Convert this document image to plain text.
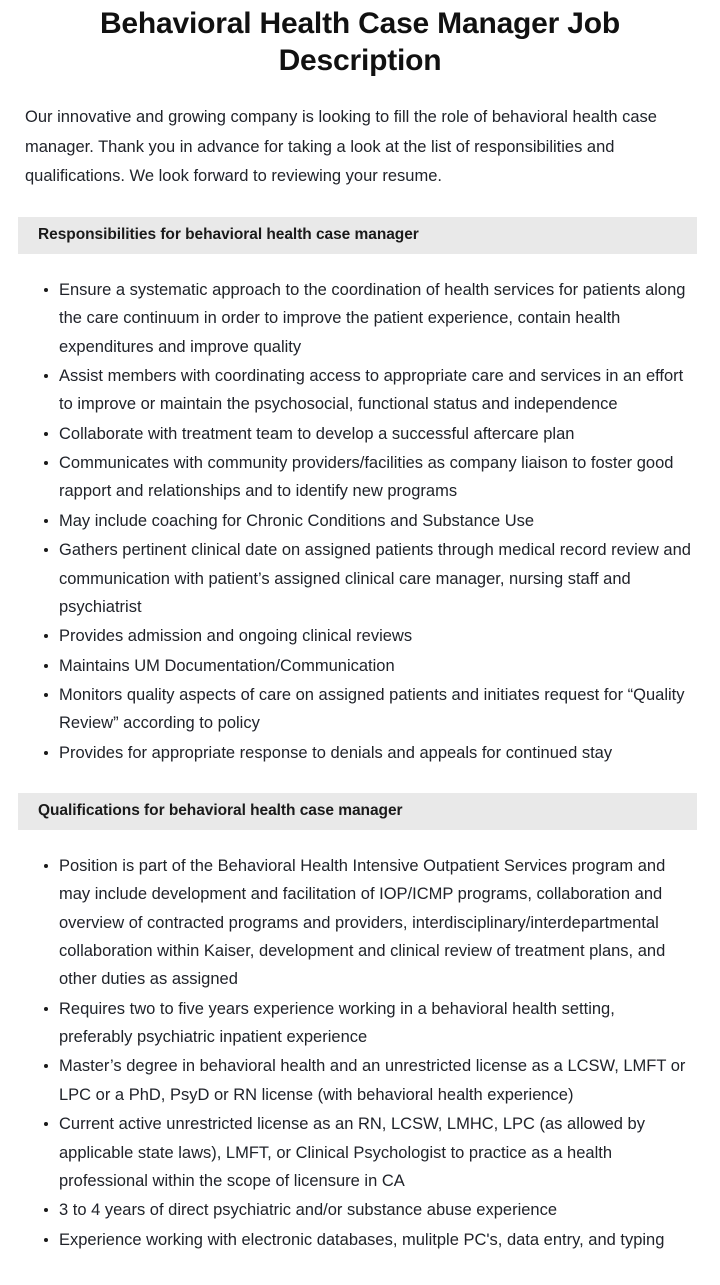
Behavioral Health Case Manager Job Description

Our innovative and growing company is looking to fill the role of behavioral health case manager. Thank you in advance for taking a look at the list of responsibilities and qualifications. We look forward to reviewing your resume.

Responsibilities for behavioral health case manager
Ensure a systematic approach to the coordination of health services for patients along the care continuum in order to improve the patient experience, contain health expenditures and improve quality
Assist members with coordinating access to appropriate care and services in an effort to improve or maintain the psychosocial, functional status and independence
Collaborate with treatment team to develop a successful aftercare plan
Communicates with community providers/facilities as company liaison to foster good rapport and relationships and to identify new programs
May include coaching for Chronic Conditions and Substance Use
Gathers pertinent clinical date on assigned patients through medical record review and communication with patient’s assigned clinical care manager, nursing staff and psychiatrist
Provides admission and ongoing clinical reviews
Maintains UM Documentation/Communication
Monitors quality aspects of care on assigned patients and initiates request for “Quality Review” according to policy
Provides for appropriate response to denials and appeals for continued stay
Qualifications for behavioral health case manager
Position is part of the Behavioral Health Intensive Outpatient Services program and may include development and facilitation of IOP/ICMP programs, collaboration and overview of contracted programs and providers, interdisciplinary/interdepartmental collaboration within Kaiser, development and clinical review of treatment plans, and other duties as assigned
Requires two to five years experience working in a behavioral health setting, preferably psychiatric inpatient experience
Master’s degree in behavioral health and an unrestricted license as a LCSW, LMFT or LPC or a PhD, PsyD or RN license (with behavioral health experience)
Current active unrestricted license as an RN, LCSW, LMHC, LPC (as allowed by applicable state laws), LMFT, or Clinical Psychologist to practice as a health professional within the scope of licensure in CA
3 to 4 years of direct psychiatric and/or substance abuse experience
Experience working with electronic databases, mulitple PC's, data entry, and typing
